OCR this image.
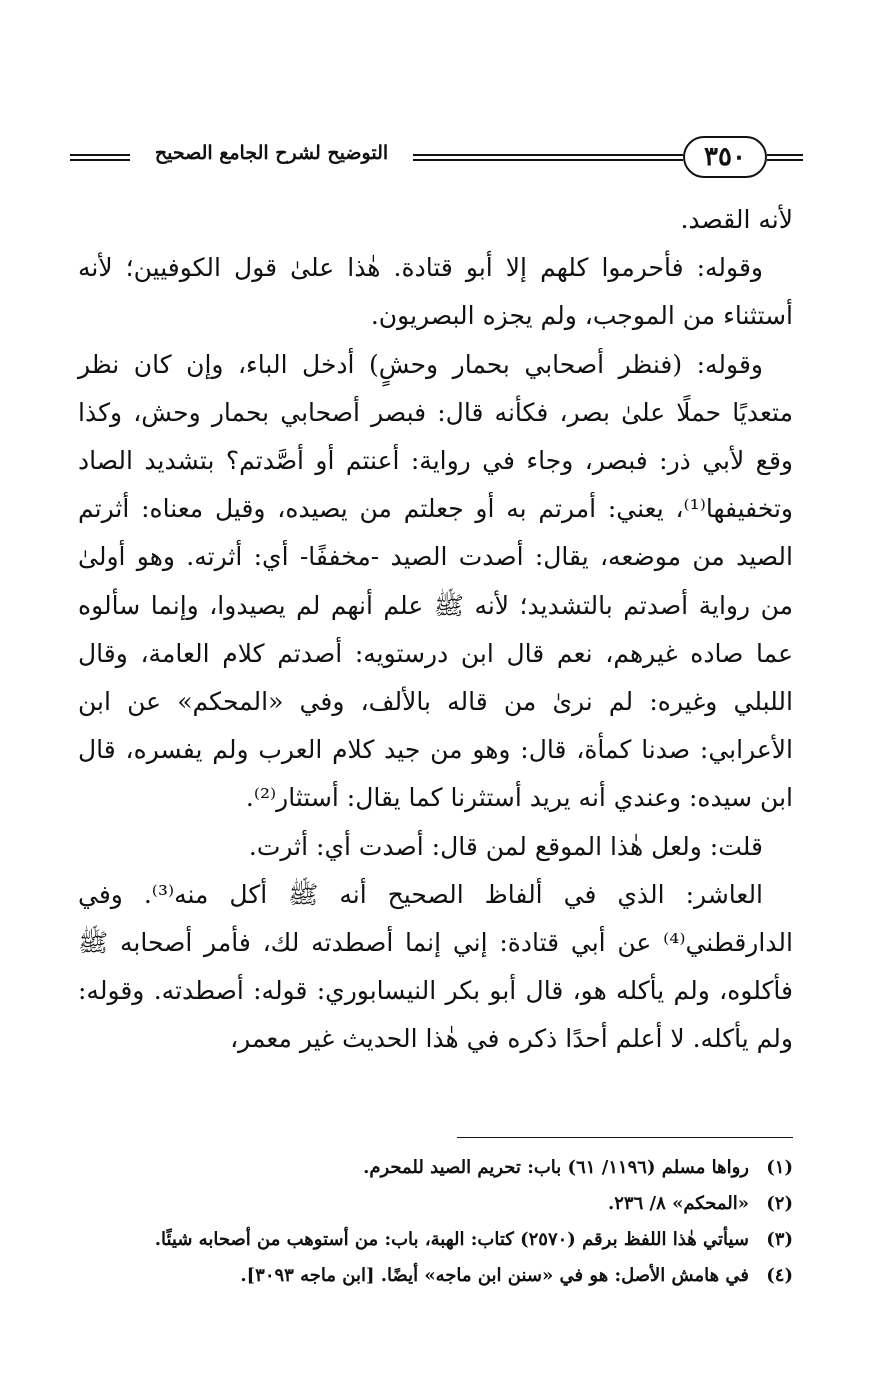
٣٥٠
التوضيح لشرح الجامع الصحيح

لأنه القصد.

وقوله: فأحرموا كلهم إلا أبو قتادة. هٰذا علىٰ قول الكوفيين؛ لأنه أستثناء من الموجب، ولم يجزه البصريون.

وقوله: (فنظر أصحابي بحمار وحشٍ) أدخل الباء، وإن كان نظر متعديًا حملًا علىٰ بصر، فكأنه قال: فبصر أصحابي بحمار وحش، وكذا وقع لأبي ذر: فبصر، وجاء في رواية: أعنتم أو أصَّدتم؟ بتشديد الصاد وتخفيفها⁽¹⁾، يعني: أمرتم به أو جعلتم من يصيده، وقيل معناه: أثرتم الصيد من موضعه، يقال: أصدت الصيد -مخففًا- أي: أثرته. وهو أولىٰ من رواية أصدتم بالتشديد؛ لأنه ﷺ علم أنهم لم يصيدوا، وإنما سألوه عما صاده غيرهم، نعم قال ابن درستويه: أصدتم كلام العامة، وقال اللبلي وغيره: لم نرىٰ من قاله بالألف، وفي «المحكم» عن ابن الأعرابي: صدنا كمأة، قال: وهو من جيد كلام العرب ولم يفسره، قال ابن سيده: وعندي أنه يريد أستثرنا كما يقال: أستثار⁽²⁾.

قلت: ولعل هٰذا الموقع لمن قال: أصدت أي: أثرت.

العاشر: الذي في ألفاظ الصحيح أنه ﷺ أكل منه⁽³⁾. وفي الدارقطني⁽⁴⁾ عن أبي قتادة: إني إنما أصطدته لك، فأمر أصحابه ﷺ فأكلوه، ولم يأكله هو، قال أبو بكر النيسابوري: قوله: أصطدته. وقوله: ولم يأكله. لا أعلم أحدًا ذكره في هٰذا الحديث غير معمر،

(١)
رواها مسلم (١١٩٦/ ٦١) باب: تحريم الصيد للمحرم.
(٢)
«المحكم» ٨/ ٢٣٦.
(٣)
سيأتي هٰذا اللفظ برقم (٢٥٧٠) كتاب: الهبة، باب: من أستوهب من أصحابه شيئًا.
(٤)
في هامش الأصل: هو في «سنن ابن ماجه» أيضًا. [ابن ماجه ٣٠٩٣].
